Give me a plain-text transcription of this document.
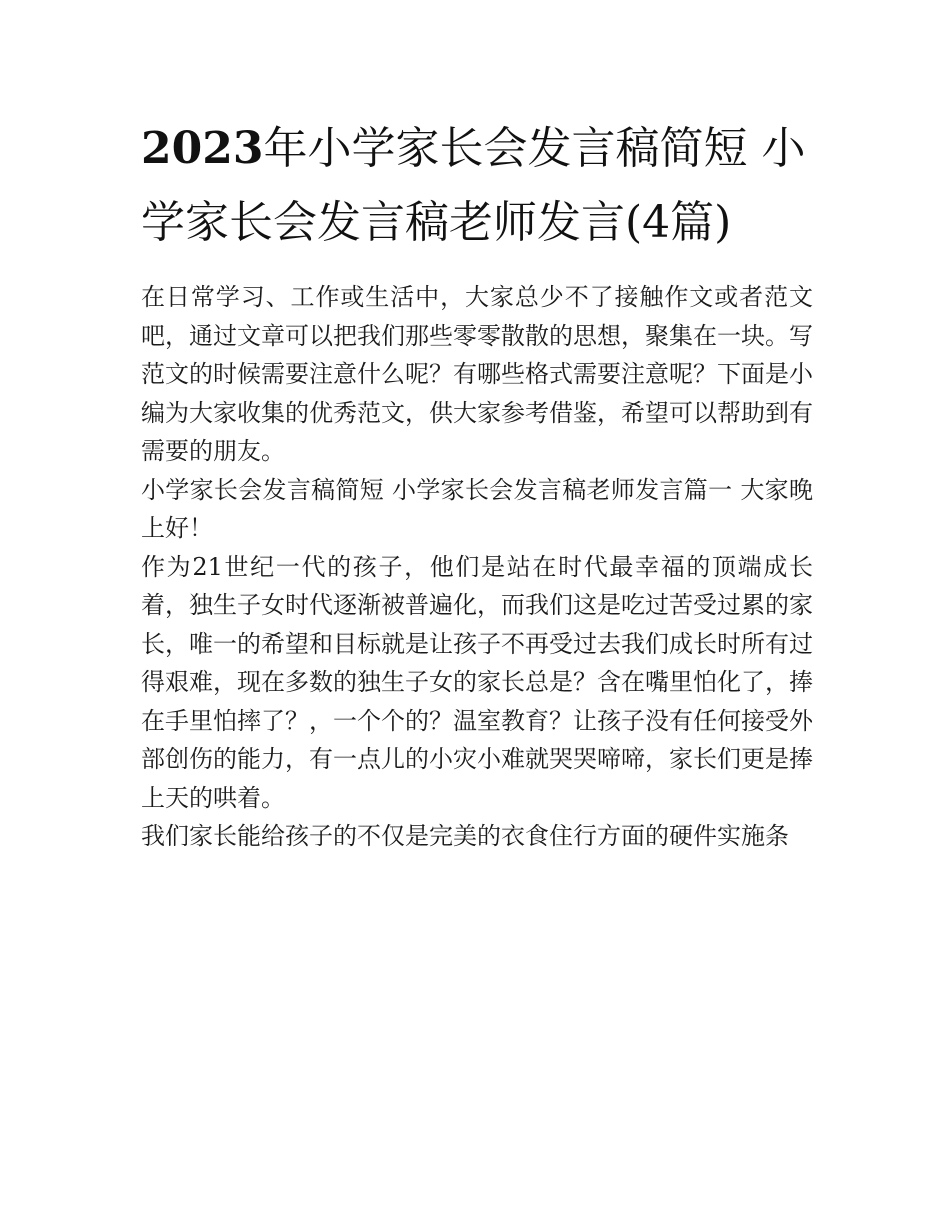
2023年小学家长会发言稿简短 小学家长会发言稿老师发言(4篇)

在日常学习、工作或生活中，大家总少不了接触作文或者范文吧，通过文章可以把我们那些零零散散的思想，聚集在一块。写范文的时候需要注意什么呢？有哪些格式需要注意呢？下面是小编为大家收集的优秀范文，供大家参考借鉴，希望可以帮助到有需要的朋友。

小学家长会发言稿简短 小学家长会发言稿老师发言篇一 大家晚上好！

作为21世纪一代的孩子，他们是站在时代最幸福的顶端成长着，独生子女时代逐渐被普遍化，而我们这是吃过苦受过累的家长，唯一的希望和目标就是让孩子不再受过去我们成长时所有过得艰难，现在多数的独生子女的家长总是？含在嘴里怕化了，捧在手里怕摔了？，一个个的？温室教育？让孩子没有任何接受外部创伤的能力，有一点儿的小灾小难就哭哭啼啼，家长们更是捧上天的哄着。

我们家长能给孩子的不仅是完美的衣食住行方面的硬件实施条
